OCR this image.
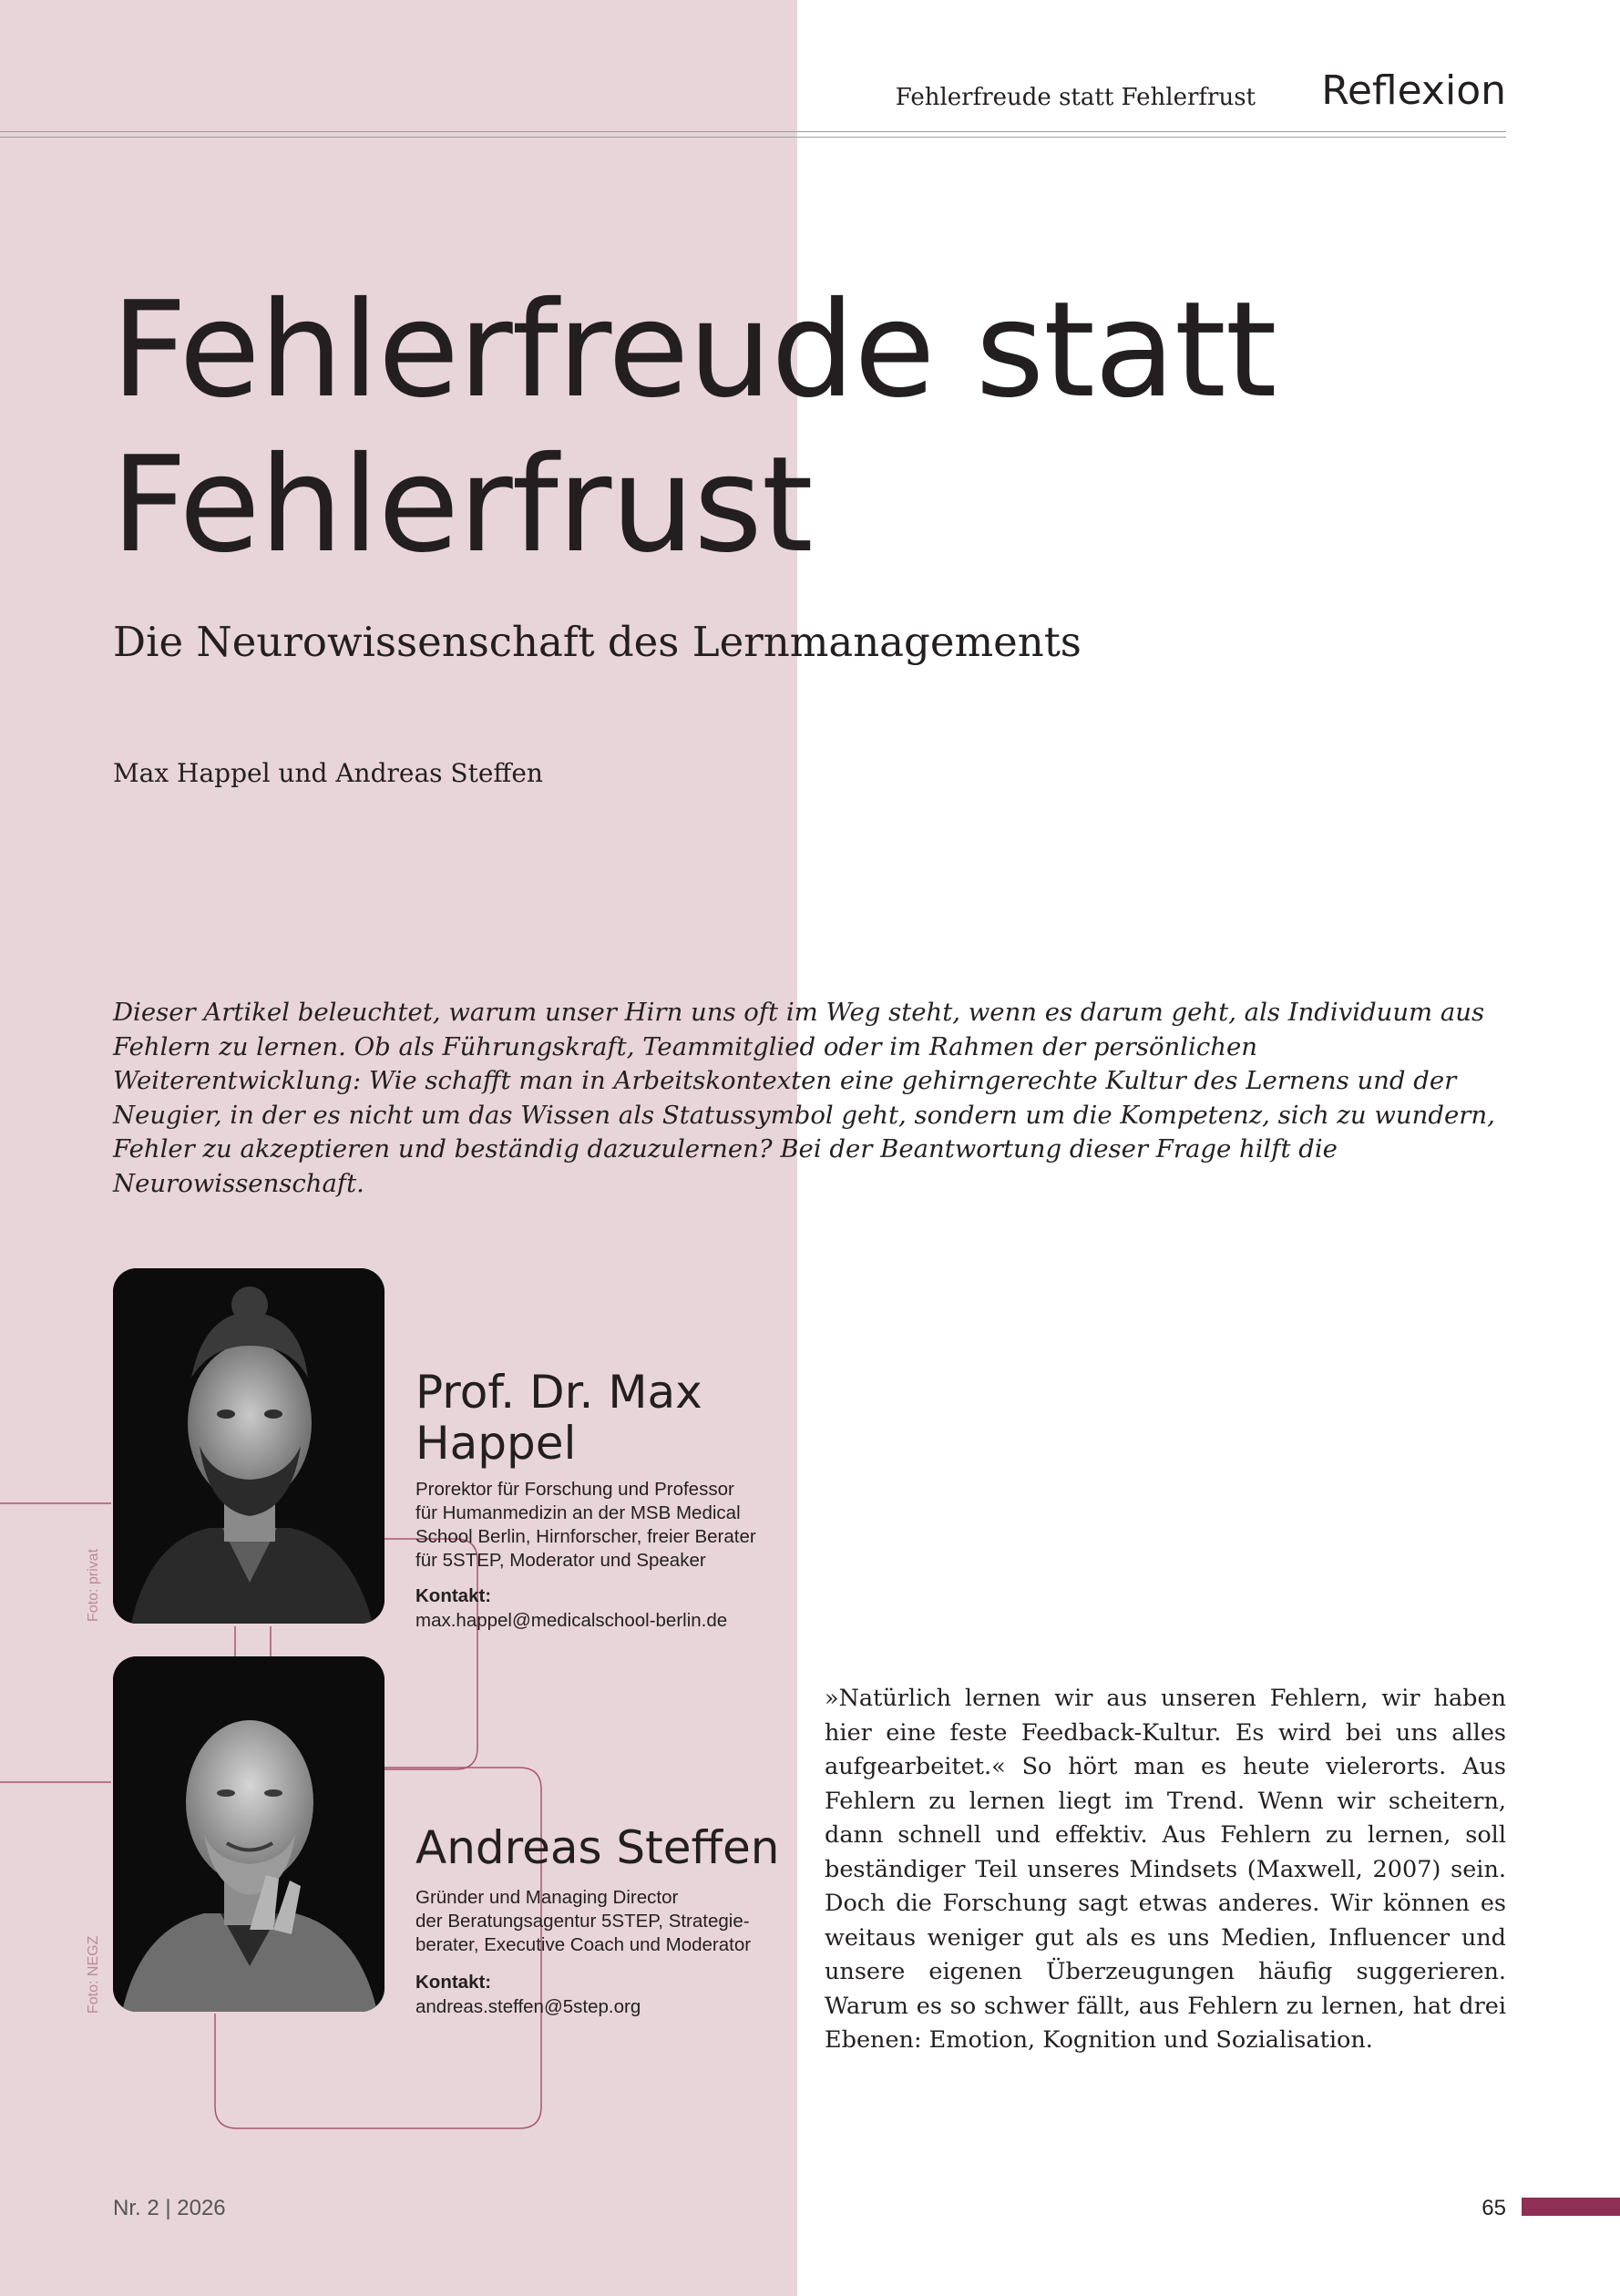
Fehlerfreude statt Fehlerfrust	Reflexion
Fehlerfreude statt
Fehlerfrust
Die Neurowissenschaft des Lernmanagements
Max Happel und Andreas Steffen

Dieser Artikel beleuchtet, warum unser Hirn uns oft im Weg steht, wenn es darum geht, als Individuum aus Fehlern zu lernen. Ob als Führungskraft, Teammitglied oder im Rahmen der persönlichen Weiterentwicklung: Wie schafft man in Arbeitskontexten eine gehirngerechte Kultur des Lernens und der Neugier, in der es nicht um das Wissen als Statussymbol geht, sondern um die Kompetenz, sich zu wundern, Fehler zu akzeptieren und beständig dazuzulernen? Bei der Beantwortung dieser Frage hilft die Neurowissenschaft.

Foto: privat
Prof. Dr. Max
Happel

Prorektor für Forschung und Professor
für Humanmedizin an der MSB Medical
School Berlin, Hirnforscher, freier Berater
für 5STEP, Moderator und Speaker

Kontakt:
max.happel@medicalschool-berlin.de
Foto: NEGZ
Andreas Steffen

Gründer und Managing Director
der Beratungsagentur 5STEP, Strategie-
berater, Executive Coach und Moderator

Kontakt:
andreas.steffen@5step.org

»Natürlich lernen wir aus unseren Fehlern, wir haben hier eine feste Feedback-Kultur. Es wird bei uns alles aufgearbeitet.« So hört man es heute vielerorts. Aus Fehlern zu lernen liegt im Trend. Wenn wir scheitern, dann schnell und effektiv. Aus Fehlern zu lernen, soll beständiger Teil unseres Mindsets (Maxwell, 2007) sein. Doch die Forschung sagt etwas anderes. Wir können es weitaus weniger gut als es uns Medien, Influencer und unsere eigenen Überzeugungen häufig suggerieren. Warum es so schwer fällt, aus Fehlern zu lernen, hat drei Ebenen: Emotion, Kognition und Sozialisation.

Nr. 2 | 2026	65
